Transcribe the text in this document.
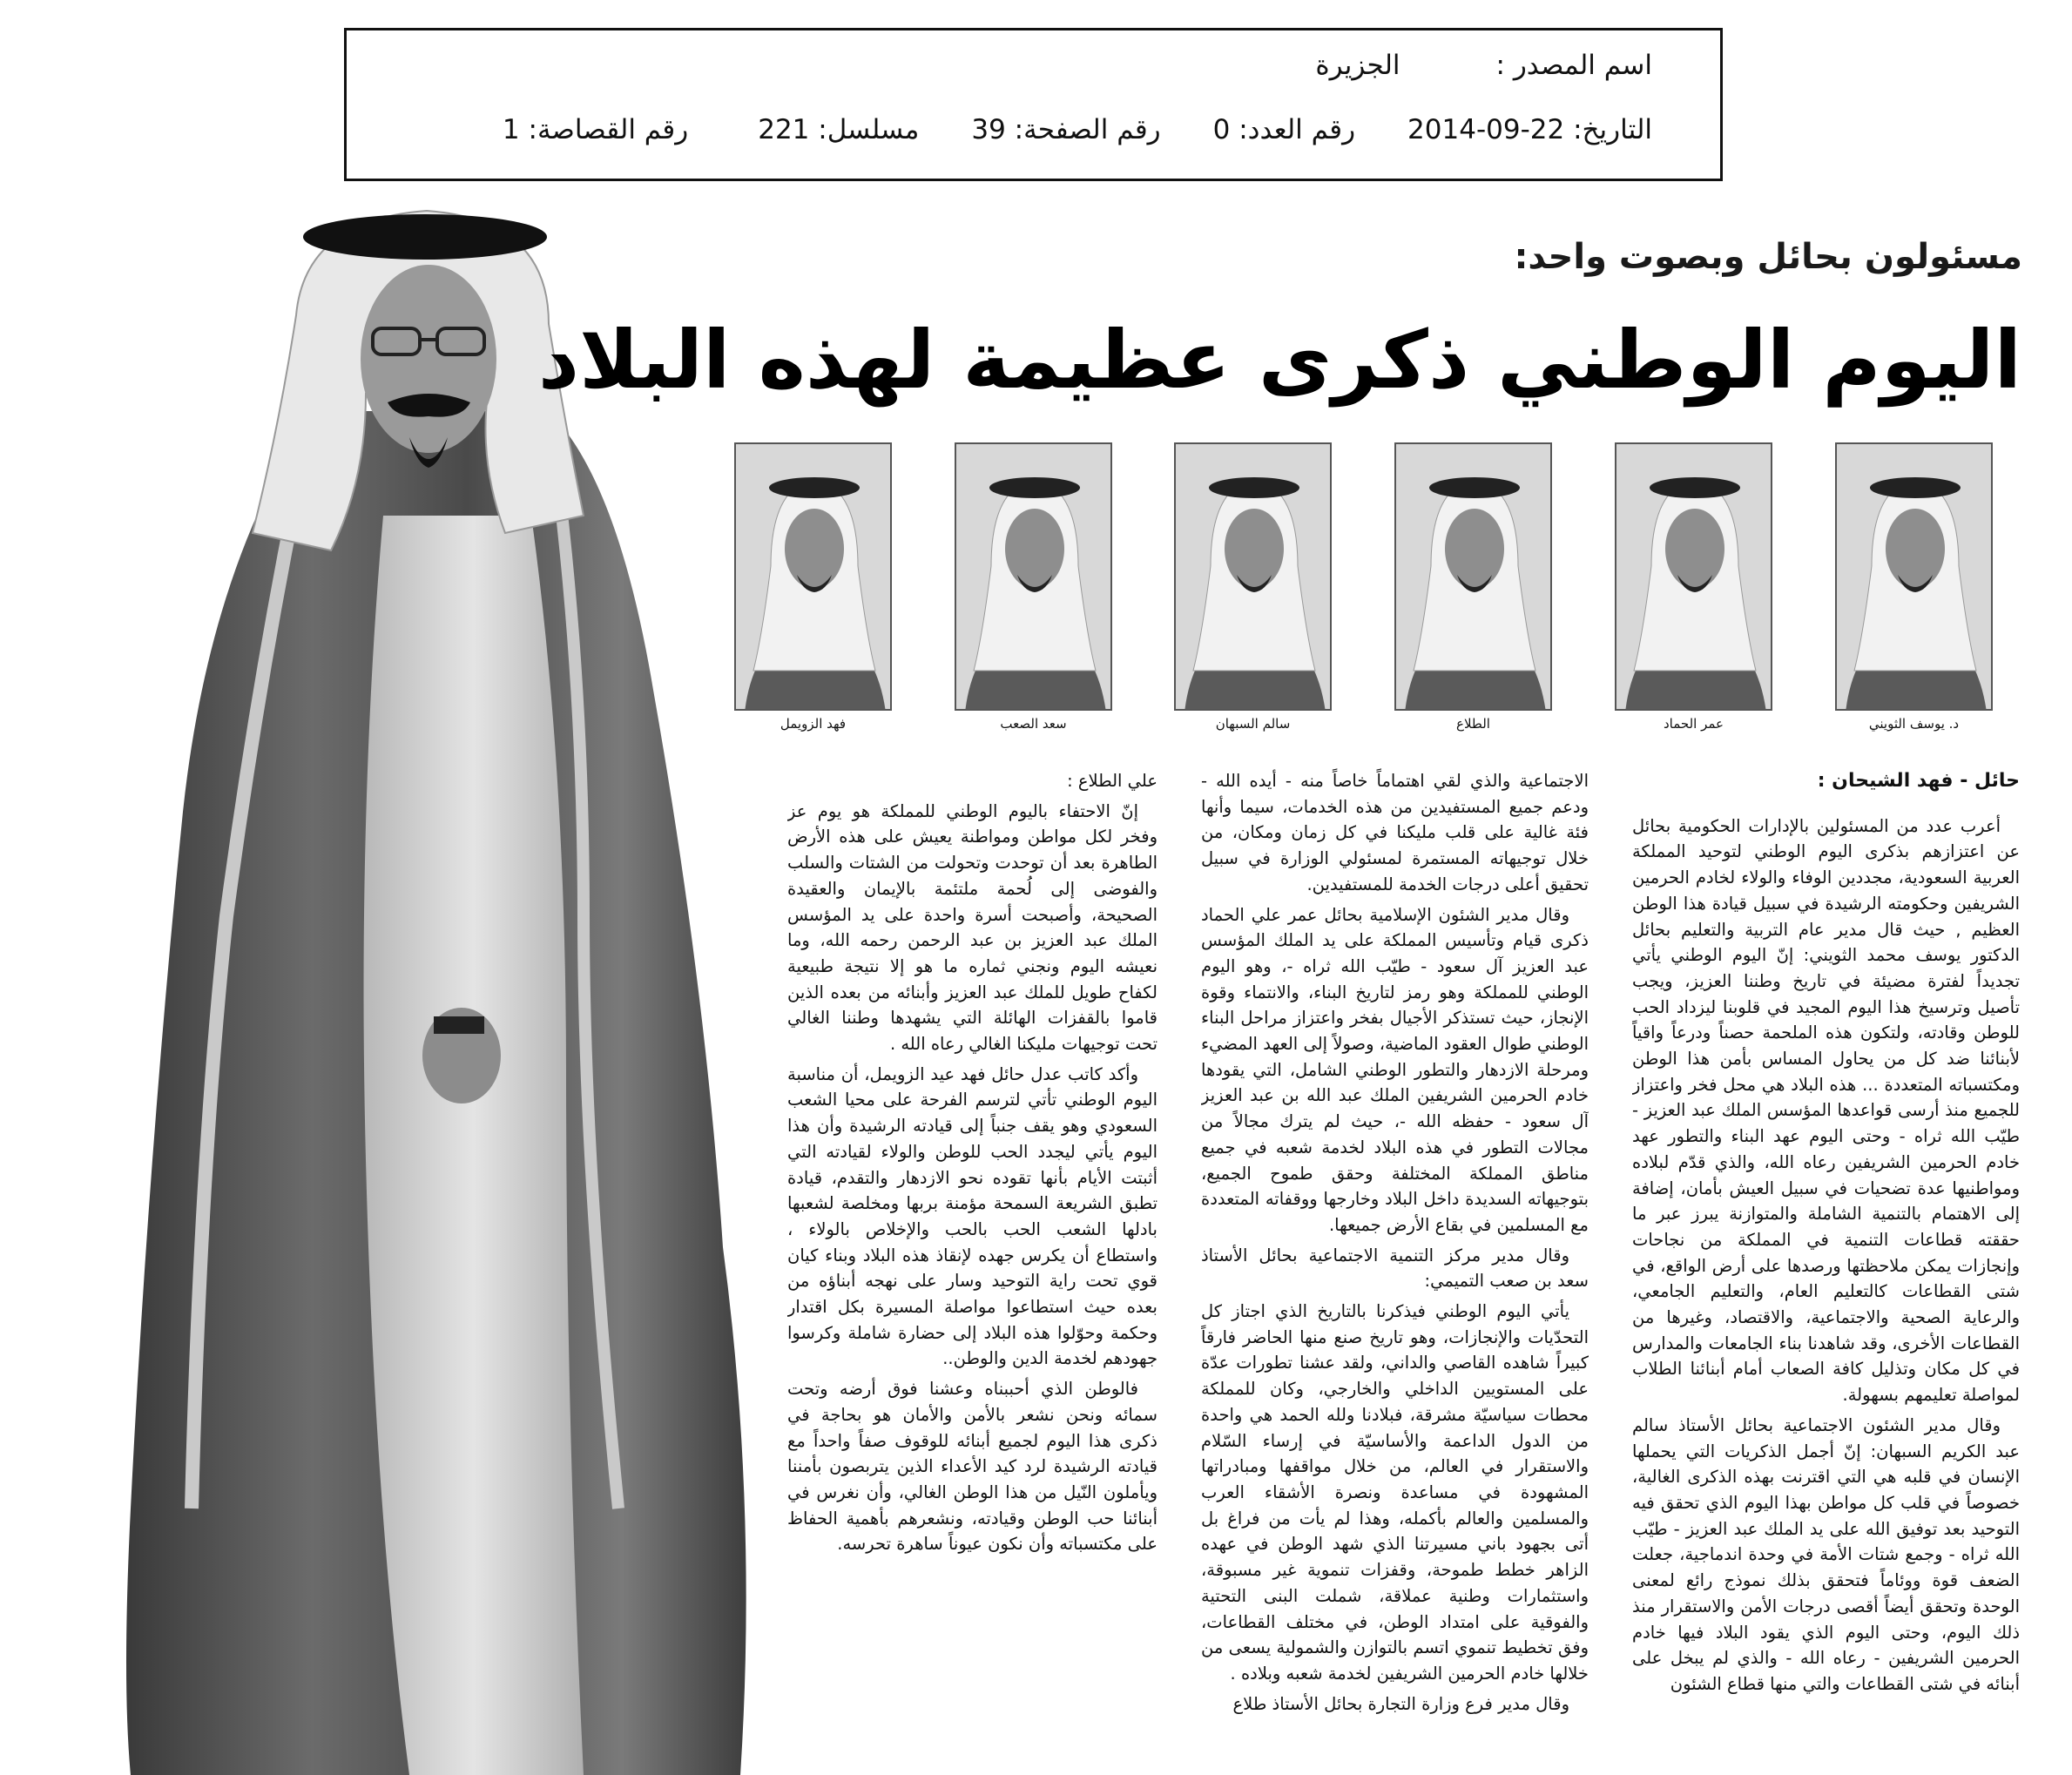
اسم المصدر :الجزيرة
التاريخ: 22-09-2014رقم العدد: 0رقم الصفحة: 39مسلسل: 221رقم القصاصة: 1
مسئولون بحائل وبصوت واحد:
اليوم الوطني ذكرى عظيمة لهذه البلاد
د. يوسف الثويني
عمر الحماد
الطلاع
سالم السبهان
سعد الصعب
فهد الزويمل
حائل - فهد الشيحان :

أعرب عدد من المسئولين بالإدارات الحكومية بحائل عن اعتزازهم بذكرى اليوم الوطني لتوحيد المملكة العربية السعودية، مجددين الوفاء والولاء لخادم الحرمين الشريفين وحكومته الرشيدة في سبيل قيادة هذا الوطن العظيم , حيث قال مدير عام التربية والتعليم بحائل الدكتور يوسف محمد الثويني: إنّ اليوم الوطني يأتي تجديداً لفترة مضيئة في تاريخ وطننا العزيز، ويجب تأصيل وترسيخ هذا اليوم المجيد في قلوبنا ليزداد الحب للوطن وقادته، ولتكون هذه الملحمة حصناً ودرعاً واقياً لأبنائنا ضد كل من يحاول المساس بأمن هذا الوطن ومكتسباته المتعددة ... هذه البلاد هي محل فخر واعتزاز للجميع منذ أرسى قواعدها المؤسس الملك عبد العزيز - طيّب الله ثراه - وحتى اليوم عهد البناء والتطور عهد خادم الحرمين الشريفين رعاه الله، والذي قدّم لبلاده ومواطنيها عدة تضحيات في سبيل العيش بأمان، إضافة إلى الاهتمام بالتنمية الشاملة والمتوازنة يبرز عبر ما حققته قطاعات التنمية في المملكة من نجاحات وإنجازات يمكن ملاحظتها ورصدها على أرض الواقع، في شتى القطاعات كالتعليم العام، والتعليم الجامعي، والرعاية الصحية والاجتماعية، والاقتصاد، وغيرها من القطاعات الأخرى، وقد شاهدنا بناء الجامعات والمدارس في كل مكان وتذليل كافة الصعاب أمام أبنائنا الطلاب لمواصلة تعليمهم بسهولة.

وقال مدير الشئون الاجتماعية بحائل الأستاذ سالم عبد الكريم السبهان: إنّ أجمل الذكريات التي يحملها الإنسان في قلبه هي التي اقترنت بهذه الذكرى الغالية، خصوصاً في قلب كل مواطن بهذا اليوم الذي تحقق فيه التوحيد بعد توفيق الله على يد الملك عبد العزيز - طيّب الله ثراه - وجمع شتات الأمة في وحدة اندماجية، جعلت الضعف قوة ووئاماً فتحقق بذلك نموذج رائع لمعنى الوحدة وتحقق أيضاً أقصى درجات الأمن والاستقرار منذ ذلك اليوم، وحتى اليوم الذي يقود البلاد فيها خادم الحرمين الشريفين - رعاه الله - والذي لم يبخل على أبنائه في شتى القطاعات والتي منها قطاع الشئون

الاجتماعية والذي لقي اهتماماً خاصاً منه - أيده الله - ودعم جميع المستفيدين من هذه الخدمات، سيما وأنها فئة غالية على قلب مليكنا في كل زمان ومكان، من خلال توجيهاته المستمرة لمسئولي الوزارة في سبيل تحقيق أعلى درجات الخدمة للمستفيدين.

وقال مدير الشئون الإسلامية بحائل عمر علي الحماد ذكرى قيام وتأسيس المملكة على يد الملك المؤسس عبد العزيز آل سعود - طيّب الله ثراه -، وهو اليوم الوطني للمملكة وهو رمز لتاريخ البناء، والانتماء وقوة الإنجاز، حيث تستذكر الأجيال بفخر واعتزاز مراحل البناء الوطني طوال العقود الماضية، وصولاً إلى العهد المضيء ومرحلة الازدهار والتطور الوطني الشامل، التي يقودها خادم الحرمين الشريفين الملك عبد الله بن عبد العزيز آل سعود - حفظه الله -، حيث لم يترك مجالاً من مجالات التطور في هذه البلاد لخدمة شعبه في جميع مناطق المملكة المختلفة وحقق طموح الجميع، بتوجيهاته السديدة داخل البلاد وخارجها ووقفاته المتعددة مع المسلمين في بقاع الأرض جميعها.

وقال مدير مركز التنمية الاجتماعية بحائل الأستاذ سعد بن صعب التميمي:

يأتي اليوم الوطني فيذكرنا بالتاريخ الذي اجتاز كل التحدّيات والإنجازات، وهو تاريخ صنع منها الحاضر فارقاً كبيراً شاهده القاصي والداني، ولقد عشنا تطورات عدّة على المستويين الداخلي والخارجي، وكان للمملكة محطات سياسيّة مشرقة، فبلادنا ولله الحمد هي واحدة من الدول الداعمة والأساسيّة في إرساء السّلام والاستقرار في العالم، من خلال مواقفها ومبادراتها المشهودة في مساعدة ونصرة الأشقاء العرب والمسلمين والعالم بأكمله، وهذا لم يأت من فراغ بل أتى بجهود باني مسيرتنا الذي شهد الوطن في عهده الزاهر خطط طموحة، وقفزات تنموية غير مسبوقة، واستثمارات وطنية عملاقة، شملت البنى التحتية والفوقية على امتداد الوطن، في مختلف القطاعات، وفق تخطيط تنموي اتسم بالتوازن والشمولية يسعى من خلالها خادم الحرمين الشريفين لخدمة شعبه وبلاده .

وقال مدير فرع وزارة التجارة بحائل الأستاذ طلاع

علي الطلاع :

إنّ الاحتفاء باليوم الوطني للمملكة هو يوم عز وفخر لكل مواطن ومواطنة يعيش على هذه الأرض الطاهرة بعد أن توحدت وتحولت من الشتات والسلب والفوضى إلى لُحمة ملتئمة بالإيمان والعقيدة الصحيحة، وأصبحت أسرة واحدة على يد المؤسس الملك عبد العزيز بن عبد الرحمن رحمه الله، وما نعيشه اليوم ونجني ثماره ما هو إلا نتيجة طبيعية لكفاح طويل للملك عبد العزيز وأبنائه من بعده الذين قاموا بالقفزات الهائلة التي يشهدها وطننا الغالي تحت توجيهات مليكنا الغالي رعاه الله .

وأكد كاتب عدل حائل فهد عيد الزويمل، أن مناسبة اليوم الوطني تأتي لترسم الفرحة على محيا الشعب السعودي وهو يقف جنباً إلى قيادته الرشيدة وأن هذا اليوم يأتي ليجدد الحب للوطن والولاء لقيادته التي أثبتت الأيام بأنها تقوده نحو الازدهار والتقدم، قيادة تطبق الشريعة السمحة مؤمنة بربها ومخلصة لشعبها بادلها الشعب الحب بالحب والإخلاص بالولاء ، واستطاع أن يكرس جهده لإنقاذ هذه البلاد وبناء كيان قوي تحت راية التوحيد وسار على نهجه أبناؤه من بعده حيث استطاعوا مواصلة المسيرة بكل اقتدار وحكمة وحوّلوا هذه البلاد إلى حضارة شاملة وكرسوا جهودهم لخدمة الدين والوطن..

فالوطن الذي أحببناه وعشنا فوق أرضه وتحت سمائه ونحن نشعر بالأمن والأمان هو بحاجة في ذكرى هذا اليوم لجميع أبنائه للوقوف صفاً واحداً مع قيادته الرشيدة لرد كيد الأعداء الذين يتربصون بأمننا ويأملون النّيل من هذا الوطن الغالي، وأن نغرس في أبنائنا حب الوطن وقيادته، ونشعرهم بأهمية الحفاظ على مكتسباته وأن نكون عيوناً ساهرة تحرسه.
